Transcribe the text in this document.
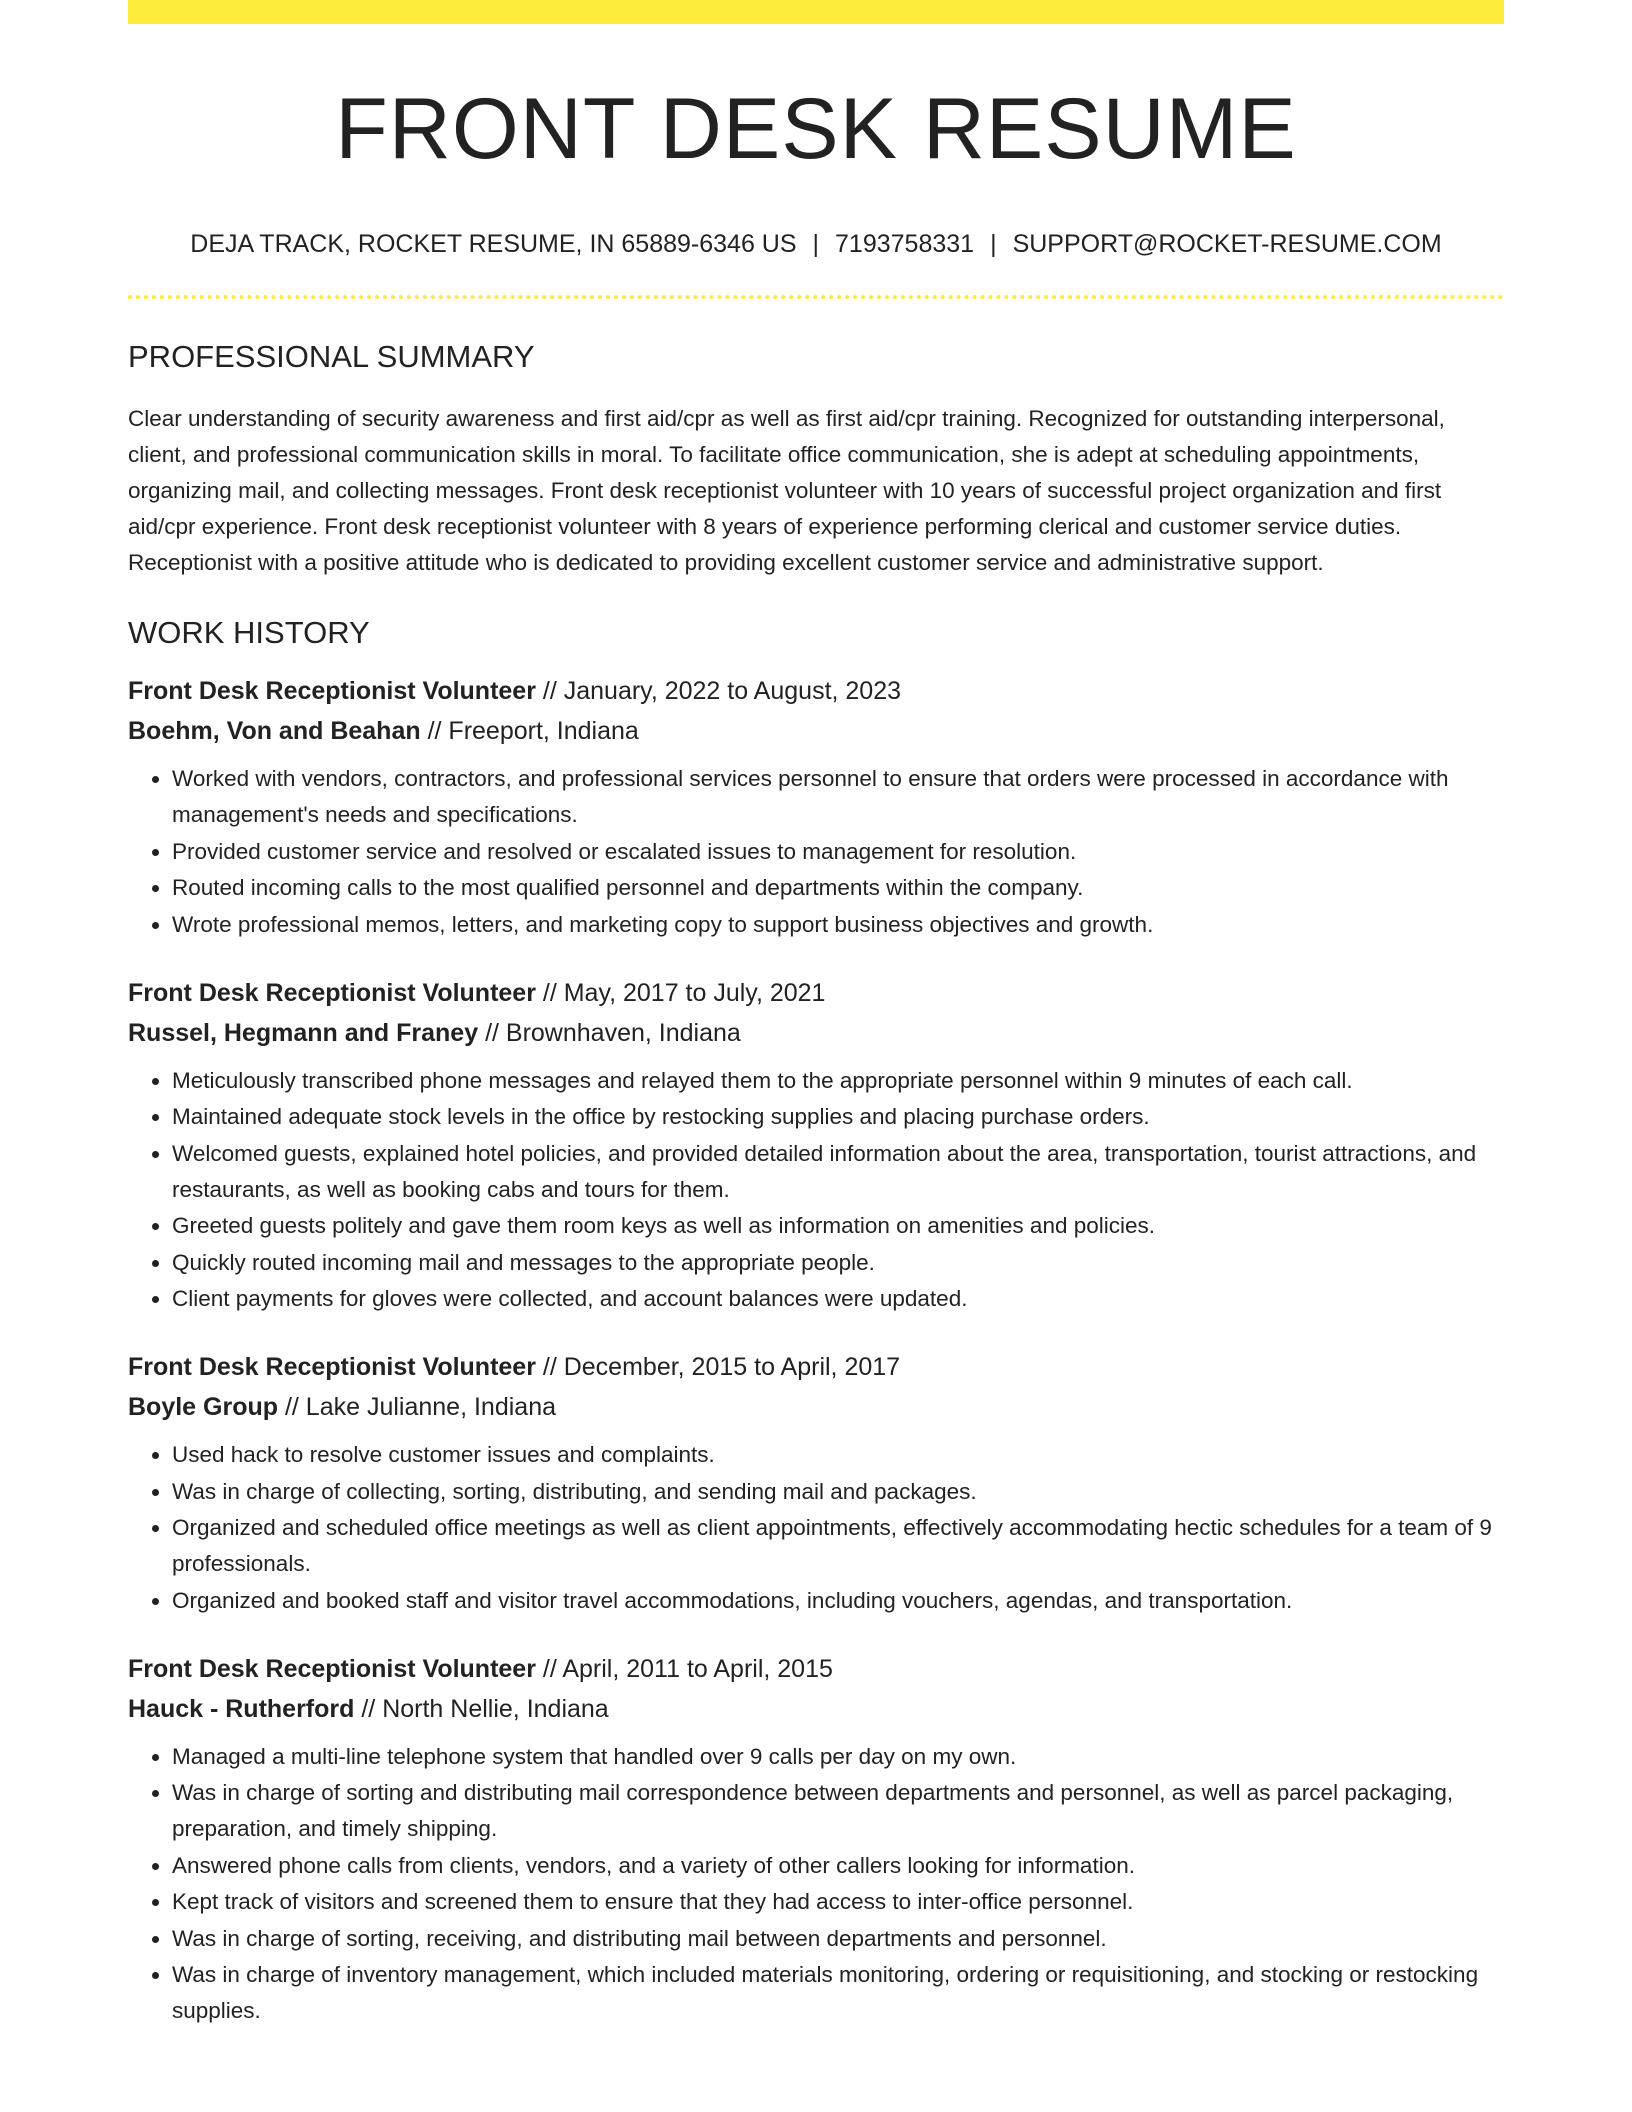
FRONT DESK RESUME
DEJA TRACK, ROCKET RESUME, IN 65889-6346 US | 7193758331 | SUPPORT@ROCKET-RESUME.COM
PROFESSIONAL SUMMARY
Clear understanding of security awareness and first aid/cpr as well as first aid/cpr training. Recognized for outstanding interpersonal, client, and professional communication skills in moral. To facilitate office communication, she is adept at scheduling appointments, organizing mail, and collecting messages. Front desk receptionist volunteer with 10 years of successful project organization and first aid/cpr experience. Front desk receptionist volunteer with 8 years of experience performing clerical and customer service duties. Receptionist with a positive attitude who is dedicated to providing excellent customer service and administrative support.
WORK HISTORY
Front Desk Receptionist Volunteer // January, 2022 to August, 2023
Boehm, Von and Beahan // Freeport, Indiana
• Worked with vendors, contractors, and professional services personnel to ensure that orders were processed in accordance with management's needs and specifications.
• Provided customer service and resolved or escalated issues to management for resolution.
• Routed incoming calls to the most qualified personnel and departments within the company.
• Wrote professional memos, letters, and marketing copy to support business objectives and growth.
Front Desk Receptionist Volunteer // May, 2017 to July, 2021
Russel, Hegmann and Franey // Brownhaven, Indiana
• Meticulously transcribed phone messages and relayed them to the appropriate personnel within 9 minutes of each call.
• Maintained adequate stock levels in the office by restocking supplies and placing purchase orders.
• Welcomed guests, explained hotel policies, and provided detailed information about the area, transportation, tourist attractions, and restaurants, as well as booking cabs and tours for them.
• Greeted guests politely and gave them room keys as well as information on amenities and policies.
• Quickly routed incoming mail and messages to the appropriate people.
• Client payments for gloves were collected, and account balances were updated.
Front Desk Receptionist Volunteer // December, 2015 to April, 2017
Boyle Group // Lake Julianne, Indiana
• Used hack to resolve customer issues and complaints.
• Was in charge of collecting, sorting, distributing, and sending mail and packages.
• Organized and scheduled office meetings as well as client appointments, effectively accommodating hectic schedules for a team of 9 professionals.
• Organized and booked staff and visitor travel accommodations, including vouchers, agendas, and transportation.
Front Desk Receptionist Volunteer // April, 2011 to April, 2015
Hauck - Rutherford // North Nellie, Indiana
• Managed a multi-line telephone system that handled over 9 calls per day on my own.
• Was in charge of sorting and distributing mail correspondence between departments and personnel, as well as parcel packaging, preparation, and timely shipping.
• Answered phone calls from clients, vendors, and a variety of other callers looking for information.
• Kept track of visitors and screened them to ensure that they had access to inter-office personnel.
• Was in charge of sorting, receiving, and distributing mail between departments and personnel.
• Was in charge of inventory management, which included materials monitoring, ordering or requisitioning, and stocking or restocking supplies.
